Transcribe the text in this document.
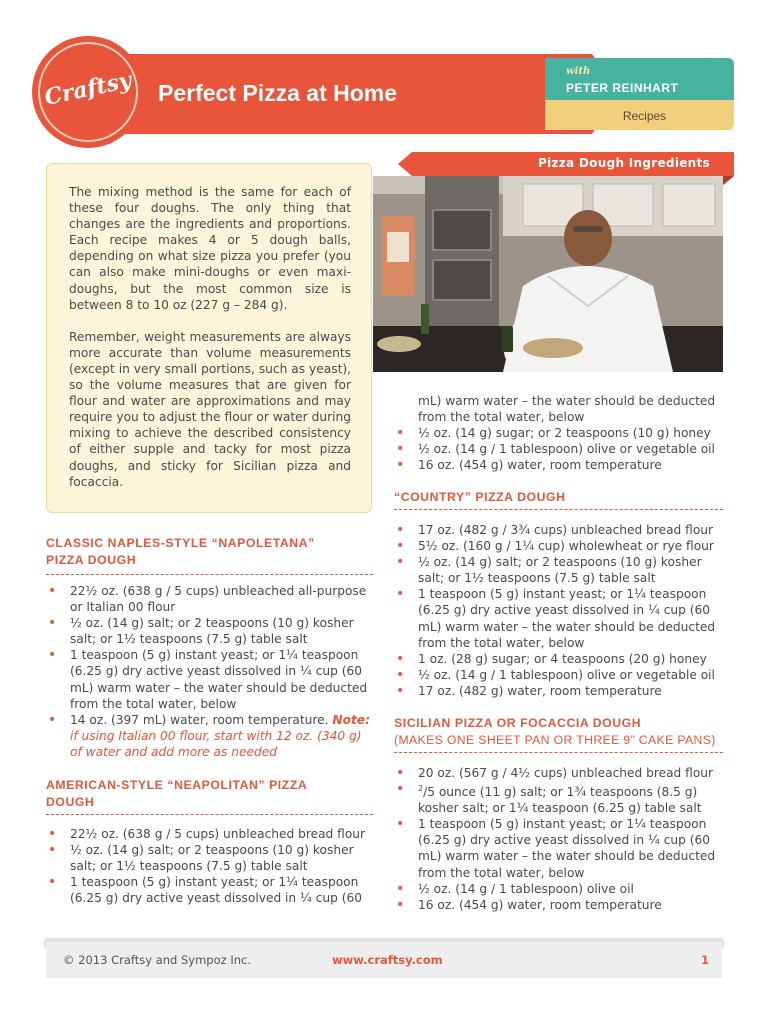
with
PETER REINHART
Recipes
Perfect Pizza at Home
Craftsy

The mixing method is the same for each of these four doughs. The only thing that changes are the ingredients and proportions. Each recipe makes 4 or 5 dough balls, depending on what size pizza you prefer (you can also make mini-doughs or even maxi-doughs, but the most common size is between 8 to 10 oz (227 g – 284 g).

Remember, weight measurements are always more accurate than volume measurements (except in very small portions, such as yeast), so the volume measures that are given for flour and water are approximations and may require you to adjust the flour or water during mixing to achieve the described consistency of either supple and tacky for most pizza doughs, and sticky for Sicilian pizza and focaccia.

Pizza Dough Ingredients
CLASSIC NAPLES-STYLE “NAPOLETANA”
PIZZA DOUGH
• 22½ oz. (638 g / 5 cups) unbleached all-purpose or Italian 00 flour
• ½ oz. (14 g) salt; or 2 teaspoons (10 g) kosher salt; or 1½ teaspoons (7.5 g) table salt
• 1 teaspoon (5 g) instant yeast; or 1¼ teaspoon (6.25 g) dry active yeast dissolved in ¼ cup (60 mL) warm water – the water should be deducted from the total water, below
• 14 oz. (397 mL) water, room temperature. Note: if using Italian 00 flour, start with 12 oz. (340 g) of water and add more as needed
AMERICAN-STYLE “NEAPOLITAN” PIZZA
DOUGH
• 22½ oz. (638 g / 5 cups) unbleached bread flour
• ½ oz. (14 g) salt; or 2 teaspoons (10 g) kosher salt; or 1½ teaspoons (7.5 g) table salt
• 1 teaspoon (5 g) instant yeast; or 1¼ teaspoon (6.25 g) dry active yeast dissolved in ¼ cup (60
mL) warm water – the water should be deducted from the total water, below
• ½ oz. (14 g) sugar; or 2 teaspoons (10 g) honey
• ½ oz. (14 g / 1 tablespoon) olive or vegetable oil
• 16 oz. (454 g) water, room temperature
“COUNTRY” PIZZA DOUGH
• 17 oz. (482 g / 3¾ cups) unbleached bread flour
• 5½ oz. (160 g / 1¼ cup) wholewheat or rye flour
• ½ oz. (14 g) salt; or 2 teaspoons (10 g) kosher salt; or 1½ teaspoons (7.5 g) table salt
• 1 teaspoon (5 g) instant yeast; or 1¼ teaspoon (6.25 g) dry active yeast dissolved in ¼ cup (60 mL) warm water – the water should be deducted from the total water, below
• 1 oz. (28 g) sugar; or 4 teaspoons (20 g) honey
• ½ oz. (14 g / 1 tablespoon) olive or vegetable oil
• 17 oz. (482 g) water, room temperature
SICILIAN PIZZA OR FOCACCIA DOUGH
(MAKES ONE SHEET PAN OR THREE 9” CAKE PANS)
• 20 oz. (567 g / 4½ cups) unbleached bread flour
• $^2$/5 ounce (11 g) salt; or 1¾ teaspoons (8.5 g) kosher salt; or 1¼ teaspoon (6.25 g) table salt
• 1 teaspoon (5 g) instant yeast; or 1¼ teaspoon (6.25 g) dry active yeast dissolved in ¼ cup (60 mL) warm water – the water should be deducted from the total water, below
• ½ oz. (14 g / 1 tablespoon) olive oil
• 16 oz. (454 g) water, room temperature
© 2013 Craftsy and Sympoz Inc.	www.craftsy.com	1
